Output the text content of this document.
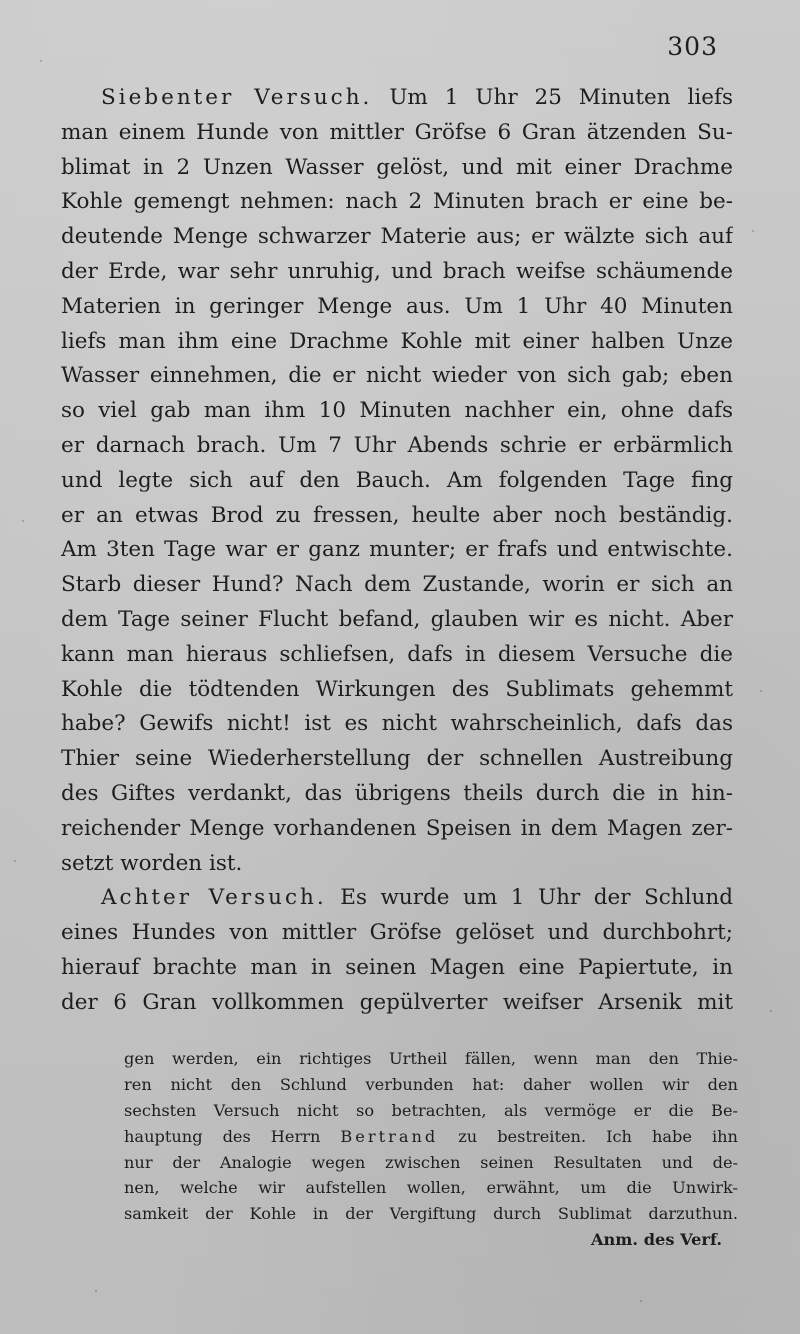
303
Siebenter Versuch. Um 1 Uhr 25 Minuten liefs
man einem Hunde von mittler Gröfse 6 Gran ätzenden Su-
blimat in 2 Unzen Wasser gelöst, und mit einer Drachme
Kohle gemengt nehmen: nach 2 Minuten brach er eine be-
deutende Menge schwarzer Materie aus; er wälzte sich auf
der Erde, war sehr unruhig, und brach weifse schäumende
Materien in geringer Menge aus. Um 1 Uhr 40 Minuten
liefs man ihm eine Drachme Kohle mit einer halben Unze
Wasser einnehmen, die er nicht wieder von sich gab; eben
so viel gab man ihm 10 Minuten nachher ein, ohne dafs
er darnach brach. Um 7 Uhr Abends schrie er erbärmlich
und legte sich auf den Bauch. Am folgenden Tage fing
er an etwas Brod zu fressen, heulte aber noch beständig.
Am 3ten Tage war er ganz munter; er frafs und entwischte.
Starb dieser Hund? Nach dem Zustande, worin er sich an
dem Tage seiner Flucht befand, glauben wir es nicht. Aber
kann man hieraus schliefsen, dafs in diesem Versuche die
Kohle die tödtenden Wirkungen des Sublimats gehemmt
habe? Gewifs nicht! ist es nicht wahrscheinlich, dafs das
Thier seine Wiederherstellung der schnellen Austreibung
des Giftes verdankt, das übrigens theils durch die in hin-
reichender Menge vorhandenen Speisen in dem Magen zer-
setzt worden ist.
Achter Versuch. Es wurde um 1 Uhr der Schlund
eines Hundes von mittler Gröfse gelöset und durchbohrt;
hierauf brachte man in seinen Magen eine Papiertute, in
der 6 Gran vollkommen gepülverter weifser Arsenik mit
gen werden, ein richtiges Urtheil fällen, wenn man den Thie-
ren nicht den Schlund verbunden hat: daher wollen wir den
sechsten Versuch nicht so betrachten, als vermöge er die Be-
hauptung des Herrn Bertrand zu bestreiten. Ich habe ihn
nur der Analogie wegen zwischen seinen Resultaten und de-
nen, welche wir aufstellen wollen, erwähnt, um die Unwirk-
samkeit der Kohle in der Vergiftung durch Sublimat darzuthun.
Anm. des Verf.
